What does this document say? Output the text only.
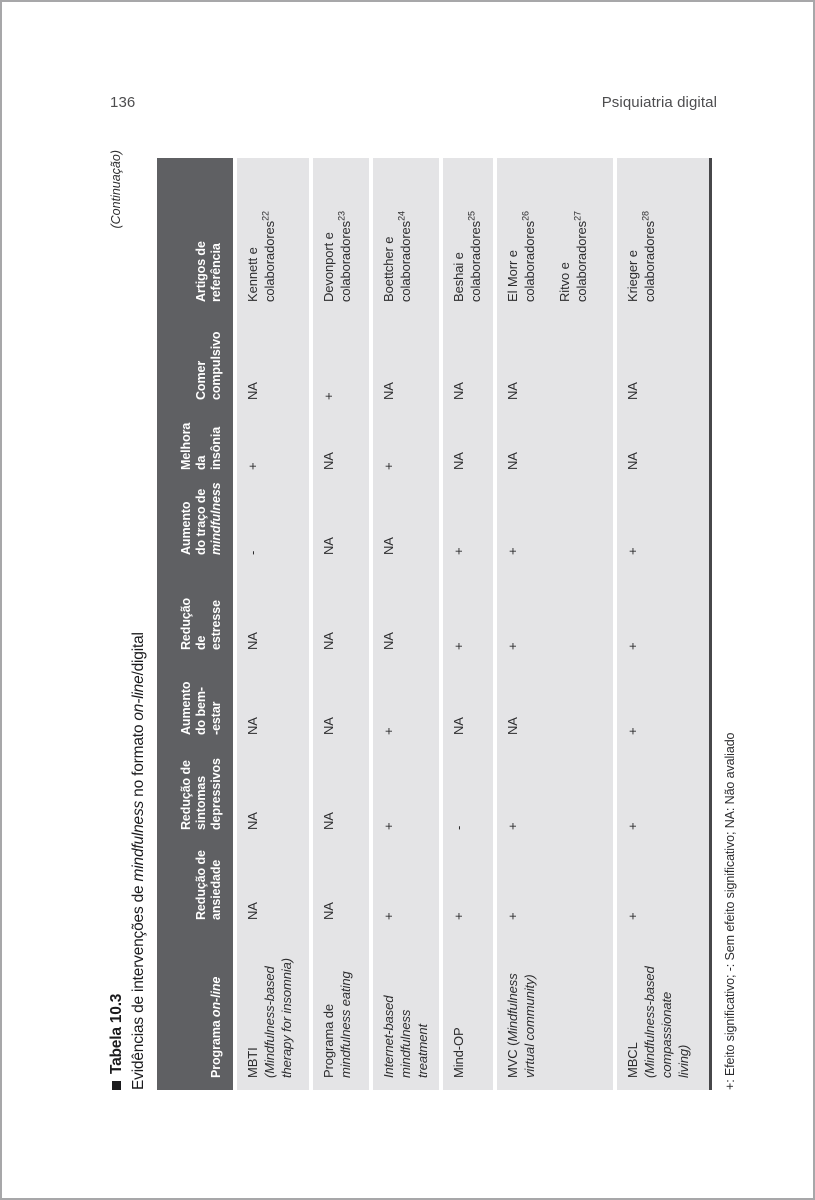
136	Psiquiatria digital
Tabela 10.3 Evidências de intervenções de mindfulness no formato on-line/digital
(Continuação)
Programa on-line
Redução de ansiedade
Redução de sintomas depressivos
Aumento do bem- -estar
Redução de estresse
Aumento do traço de mindfulness
Melhora da insônia
Comer compulsivo
Artigos de referência
MBTI (Mindfulness-based therapy for insomnia)
NA
NA
NA
NA
-
+
NA
Kennett e colaboradores$^{22}$
Programa de mindfulness eating
NA
NA
NA
NA
NA
NA
+
Devonport e colaboradores$^{23}$
Internet-based mindfulness treatment
+
+
+
NA
NA
+
NA
Boettcher e colaboradores$^{24}$
Mind-OP
+
-
NA
+
+
NA
NA
Beshai e colaboradores$^{25}$
MVC (Mindfulness virtual community)
+
+
NA
+
+
NA
NA
El Morr e colaboradores$^{26}$
Ritvo e colaboradores$^{27}$
MBCL (Mindfulness-based compassionate living)
+
+
+
+
+
NA
NA
Krieger e colaboradores$^{28}$
+: Efeito significativo; -: Sem efeito significativo; NA: Não avaliado
